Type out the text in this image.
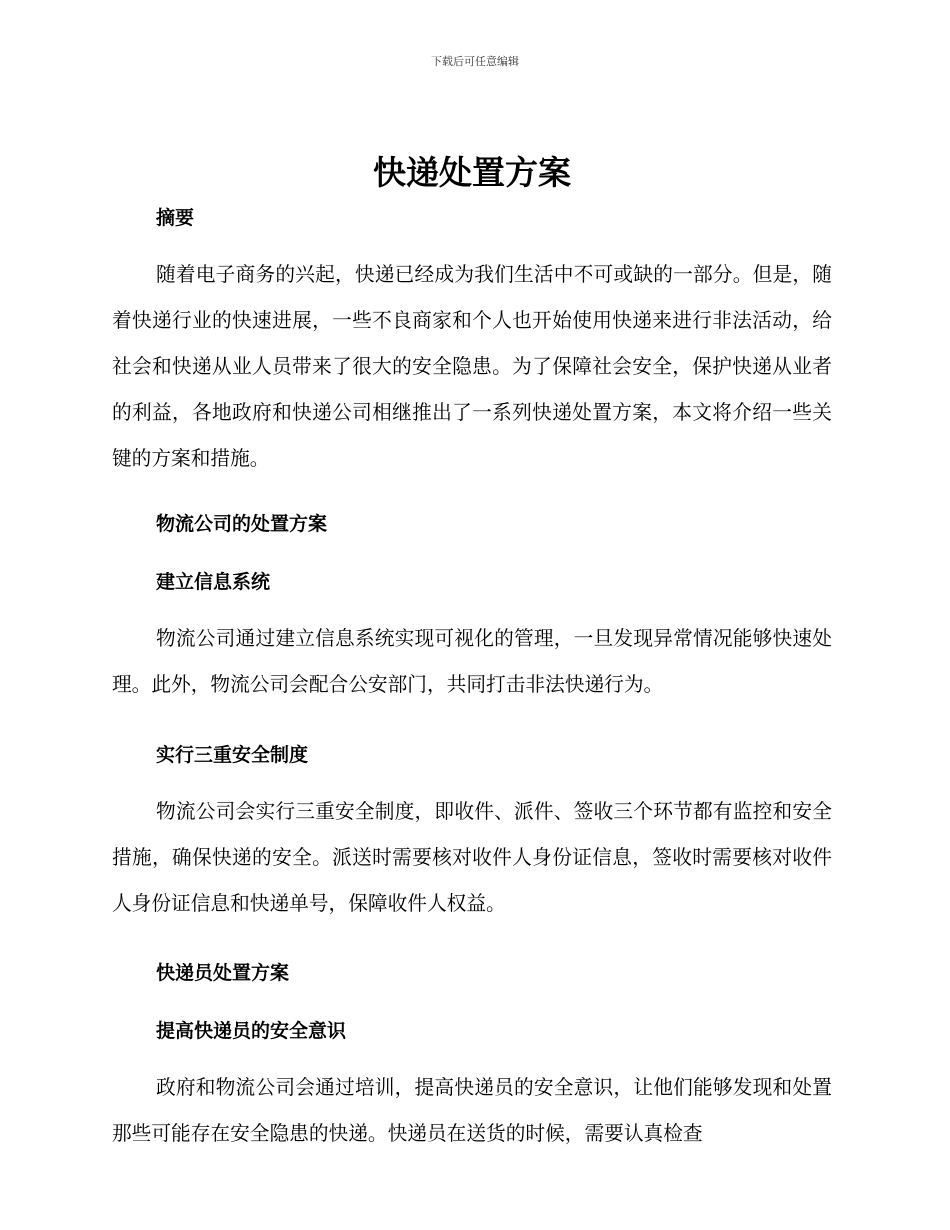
下载后可任意编辑
快递处置方案
摘要

随着电子商务的兴起，快递已经成为我们生活中不可或缺的一部分。但是，随着快递行业的快速进展，一些不良商家和个人也开始使用快递来进行非法活动，给社会和快递从业人员带来了很大的安全隐患。为了保障社会安全，保护快递从业者的利益，各地政府和快递公司相继推出了一系列快递处置方案，本文将介绍一些关键的方案和措施。

物流公司的处置方案
建立信息系统

物流公司通过建立信息系统实现可视化的管理，一旦发现异常情况能够快速处理。此外，物流公司会配合公安部门，共同打击非法快递行为。

实行三重安全制度

物流公司会实行三重安全制度，即收件、派件、签收三个环节都有监控和安全措施，确保快递的安全。派送时需要核对收件人身份证信息，签收时需要核对收件人身份证信息和快递单号，保障收件人权益。

快递员处置方案
提高快递员的安全意识

政府和物流公司会通过培训，提高快递员的安全意识，让他们能够发现和处置那些可能存在安全隐患的快递。快递员在送货的时候，需要认真检查
